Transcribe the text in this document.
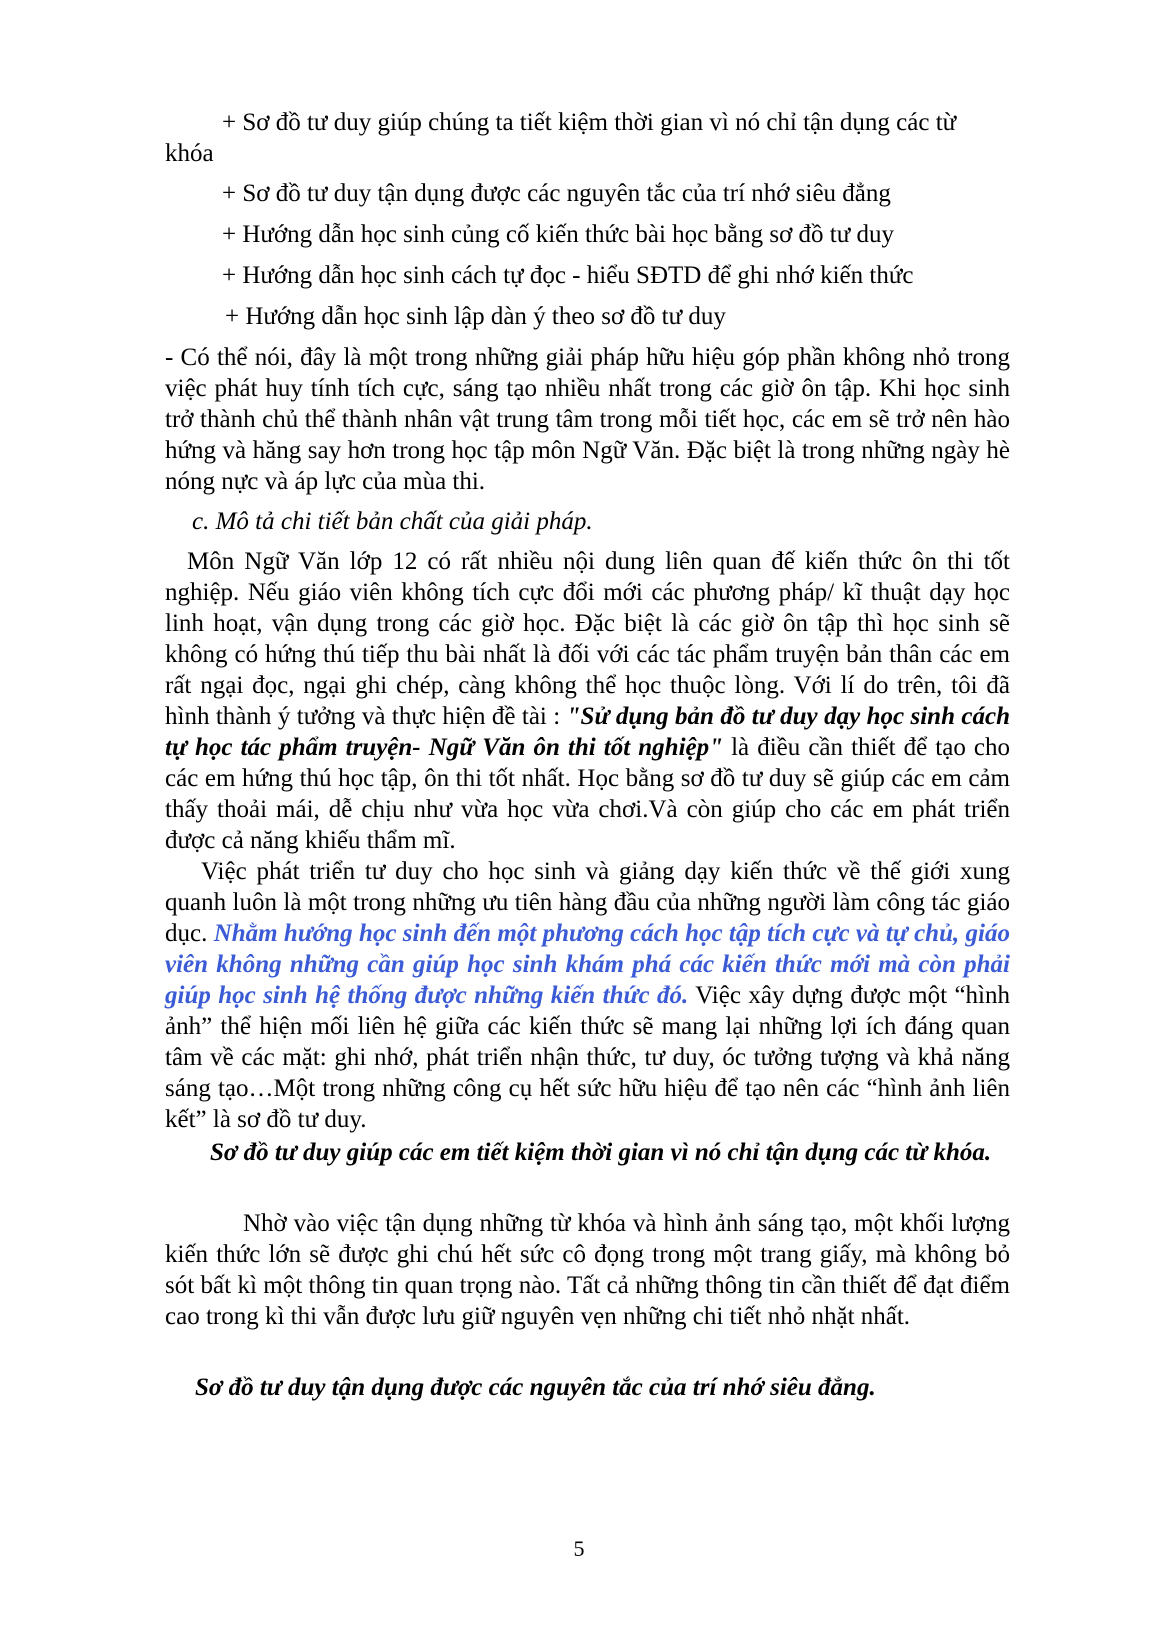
+ Sơ đồ tư duy giúp chúng ta tiết kiệm thời gian vì nó chỉ tận dụng các từ

khóa

+ Sơ đồ tư duy tận dụng được các nguyên tắc của trí nhớ siêu đẳng

+ Hướng dẫn học sinh củng cố kiến thức bài học bằng sơ đồ tư duy

+ Hướng dẫn học sinh cách tự đọc - hiểu SĐTD để ghi nhớ kiến thức

+ Hướng dẫn học sinh lập dàn ý theo sơ đồ tư duy

- Có thể nói, đây là một trong những giải pháp hữu hiệu góp phần không nhỏ trong việc phát huy tính tích cực, sáng tạo nhiều nhất trong các giờ ôn tập. Khi học sinh trở thành chủ thể thành nhân vật trung tâm trong mỗi tiết học, các em sẽ trở nên hào hứng và hăng say hơn trong học tập môn Ngữ Văn. Đặc biệt là trong những ngày hè nóng nực và áp lực của mùa thi.

c. Mô tả chi tiết bản chất của giải pháp.

Môn Ngữ Văn lớp 12 có rất nhiều nội dung liên quan đế kiến thức ôn thi tốt nghiệp. Nếu giáo viên không tích cực đổi mới các phương pháp/ kĩ thuật dạy học linh hoạt, vận dụng trong các giờ học. Đặc biệt là các giờ ôn tập thì học sinh sẽ không có hứng thú tiếp thu bài nhất là đối với các tác phẩm truyện bản thân các em rất ngại đọc, ngại ghi chép, càng không thể học thuộc lòng. Với lí do trên, tôi đã hình thành ý tưởng và thực hiện đề tài : "Sử dụng bản đồ tư duy dạy học sinh cách tự học tác phẩm truyện- Ngữ Văn ôn thi tốt nghiệp" là điều cần thiết để tạo cho các em hứng thú học tập, ôn thi tốt nhất. Học bằng sơ đồ tư duy sẽ giúp các em cảm thấy thoải mái, dễ chịu như vừa học vừa chơi.Và còn giúp cho các em phát triển được cả năng khiếu thẩm mĩ.

Việc phát triển tư duy cho học sinh và giảng dạy kiến thức về thế giới xung quanh luôn là một trong những ưu tiên hàng đầu của những người làm công tác giáo dục. Nhằm hướng học sinh đến một phương cách học tập tích cực và tự chủ, giáo viên không những cần giúp học sinh khám phá các kiến thức mới mà còn phải giúp học sinh hệ thống được những kiến thức đó. Việc xây dựng được một “hình ảnh” thể hiện mối liên hệ giữa các kiến thức sẽ mang lại những lợi ích đáng quan tâm về các mặt: ghi nhớ, phát triển nhận thức, tư duy, óc tưởng tượng và khả năng sáng tạo…Một trong những công cụ hết sức hữu hiệu để tạo nên các “hình ảnh liên kết” là sơ đồ tư duy.

Sơ đồ tư duy giúp các em tiết kiệm thời gian vì nó chỉ tận dụng các từ khóa.

Nhờ vào việc tận dụng những từ khóa và hình ảnh sáng tạo, một khối lượng kiến thức lớn sẽ được ghi chú hết sức cô đọng trong một trang giấy, mà không bỏ sót bất kì một thông tin quan trọng nào. Tất cả những thông tin cần thiết để đạt điểm cao trong kì thi vẫn được lưu giữ nguyên vẹn những chi tiết nhỏ nhặt nhất.

Sơ đồ tư duy tận dụng được các nguyên tắc của trí nhớ siêu đẳng.

5
